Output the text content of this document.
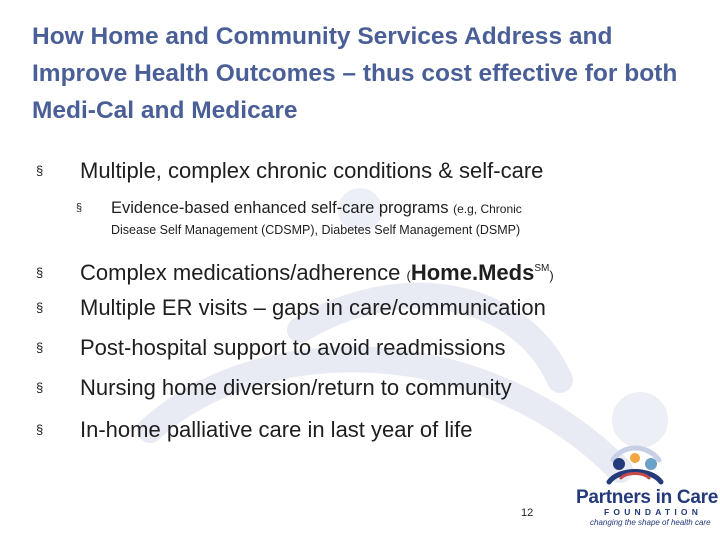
How Home and Community Services Address and Improve Health Outcomes – thus cost effective for both Medi-Cal and Medicare
§ Multiple, complex chronic conditions & self-care
§ Evidence-based enhanced self-care programs (e.g, Chronic
Disease Self Management (CDSMP), Diabetes Self Management (DSMP)
§ Complex medications/adherence (Home.Meds℠)
§ Multiple ER visits – gaps in care/communication
§ Post-hospital support to avoid readmissions
§ Nursing home diversion/return to community
§ In-home palliative care in last year of life
12
Partners in Care
FOUNDATION
changing the shape of health care
